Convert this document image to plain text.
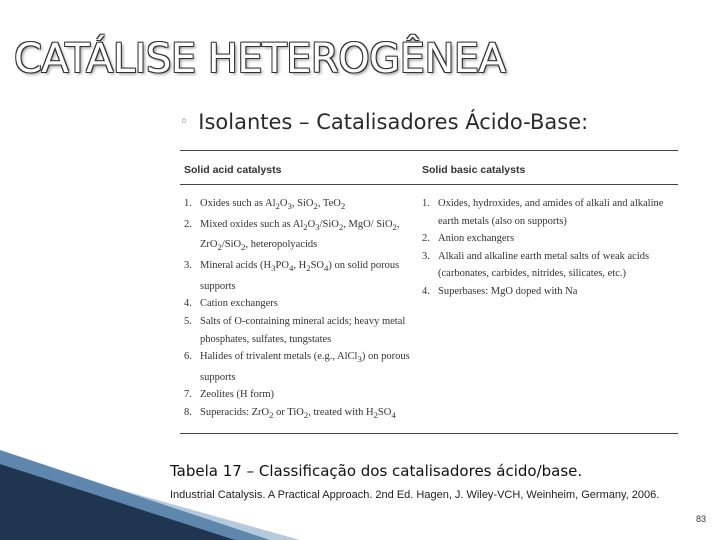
CATÁLISE HETEROGÊNEA
◦ Isolantes – Catalisadores Ácido-Base:
Solid acid catalysts	Solid basic catalysts
1. Oxides such as $Al_2O_3$, SiO$_2$, TeO$_2$
2. Mixed oxides such as $Al_2O_3/SiO_2$, MgO/ SiO$_2$, ZrO$_2$/SiO$_2$, heteropolyacids
3. Mineral acids ($H_3PO_4$, $H_2SO_4$) on solid porous supports
4. Cation exchangers
5. Salts of O-containing mineral acids; heavy metal phosphates, sulfates, tungstates
6. Halides of trivalent metals (e.g., AlCl$_3$) on porous supports
7. Zeolites (H form)
8. Superacids: ZrO$_2$ or TiO$_2$, treated with $H_2SO_4$
1. Oxides, hydroxides, and amides of alkali and alkaline earth metals (also on supports)
2. Anion exchangers
3. Alkali and alkaline earth metal salts of weak acids (carbonates, carbides, nitrides, silicates, etc.)
4. Superbases: MgO doped with Na
Tabela 17 – Classificação dos catalisadores ácido/base.
Industrial Catalysis. A Practical Approach. 2nd Ed. Hagen, J. Wiley-VCH, Weinheim, Germany, 2006.
83
